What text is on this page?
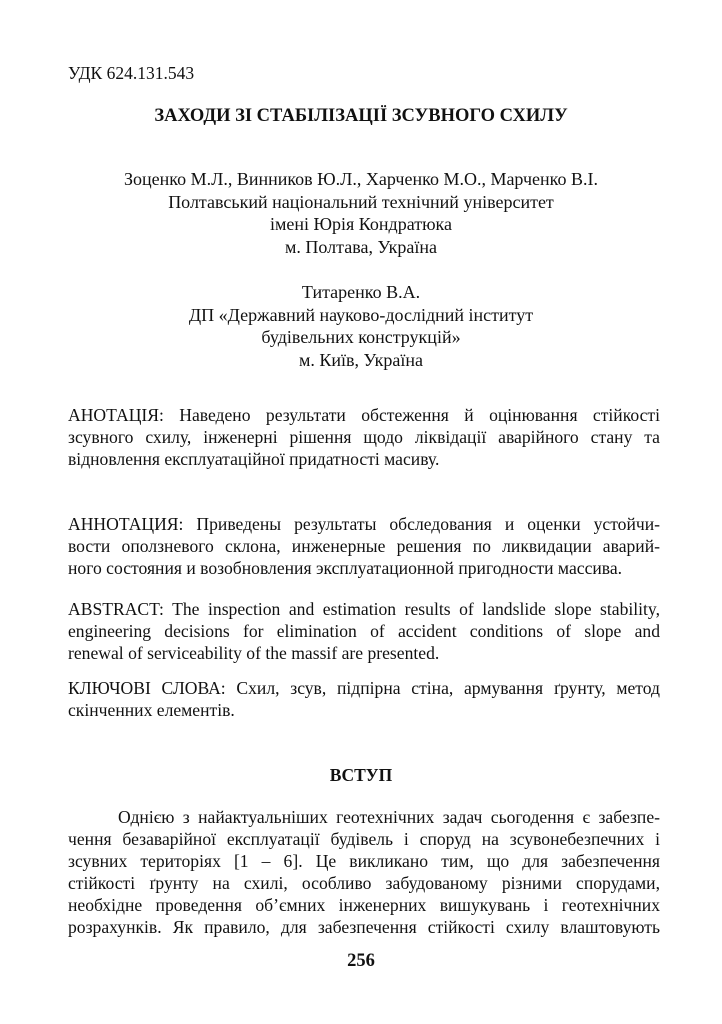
УДК 624.131.543
ЗАХОДИ ЗІ СТАБІЛІЗАЦІЇ ЗСУВНОГО СХИЛУ
Зоценко М.Л., Винников Ю.Л., Харченко М.О., Марченко В.І.
Полтавський національний технічний університет
імені Юрія Кондратюка
м. Полтава, Україна
Титаренко В.А.
ДП «Державний науково-дослідний інститут
будівельних конструкцій»
м. Київ, Україна
АНОТАЦІЯ: Наведено результати обстеження й оцінювання стійкості
зсувного схилу, інженерні рішення щодо ліквідації аварійного стану та
відновлення експлуатаційної придатності масиву.
АННОТАЦИЯ: Приведены результаты обследования и оценки устойчи-
вости оползневого склона, инженерные решения по ликвидации аварий-
ного состояния и возобновления эксплуатационной пригодности массива.
ABSTRACT: The inspection and estimation results of landslide slope stability,
engineering decisions for elimination of accident conditions of slope and
renewal of serviceability of the massif are presented.
КЛЮЧОВІ СЛОВА: Схил, зсув, підпірна стіна, армування ґрунту, метод
скінченних елементів.
ВСТУП
Однією з найактуальніших геотехнічних задач сьогодення є забезпе-
чення безаварійної експлуатації будівель і споруд на зсувонебезпечних і
зсувних територіях [1 – 6]. Це викликано тим, що для забезпечення
стійкості ґрунту на схилі, особливо забудованому різними спорудами,
необхідне проведення об’ємних інженерних вишукувань і геотехнічних
розрахунків. Як правило, для забезпечення стійкості схилу влаштовують
256
